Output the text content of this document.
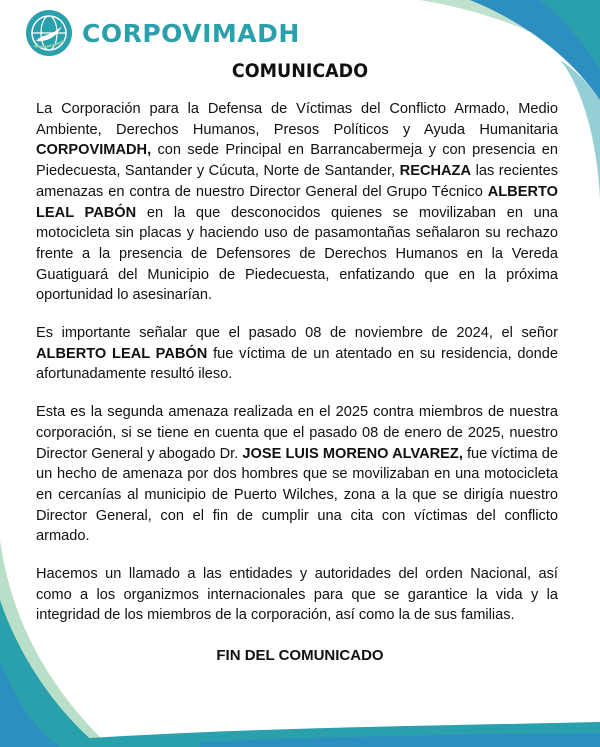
CORPOVIMADH
COMUNICADO

La Corporación para la Defensa de Víctimas del Conflicto Armado, Medio Ambiente, Derechos Humanos, Presos Políticos y Ayuda Humanitaria CORPOVIMADH, con sede Principal en Barrancabermeja y con presencia en Piedecuesta, Santander y Cúcuta, Norte de Santander, RECHAZA las recientes amenazas en contra de nuestro Director General del Grupo Técnico ALBERTO LEAL PABÓN en la que desconocidos quienes se movilizaban en una motocicleta sin placas y haciendo uso de pasamontañas señalaron su rechazo frente a la presencia de Defensores de Derechos Humanos en la Vereda Guatiguará del Municipio de Piedecuesta, enfatizando que en la próxima oportunidad lo asesinarían.

Es importante señalar que el pasado 08 de noviembre de 2024, el señor ALBERTO LEAL PABÓN fue víctima de un atentado en su residencia, donde afortunadamente resultó ileso.

Esta es la segunda amenaza realizada en el 2025 contra miembros de nuestra corporación, si se tiene en cuenta que el pasado 08 de enero de 2025, nuestro Director General y abogado Dr. JOSE LUIS MORENO ALVAREZ, fue víctima de un hecho de amenaza por dos hombres que se movilizaban en una motocicleta en cercanías al municipio de Puerto Wilches, zona a la que se dirigía nuestro Director General, con el fin de cumplir una cita con víctimas del conflicto armado.

Hacemos un llamado a las entidades y autoridades del orden Nacional, así como a los organizmos internacionales para que se garantice la vida y la integridad de los miembros de la corporación, así como la de sus familias.

FIN DEL COMUNICADO
